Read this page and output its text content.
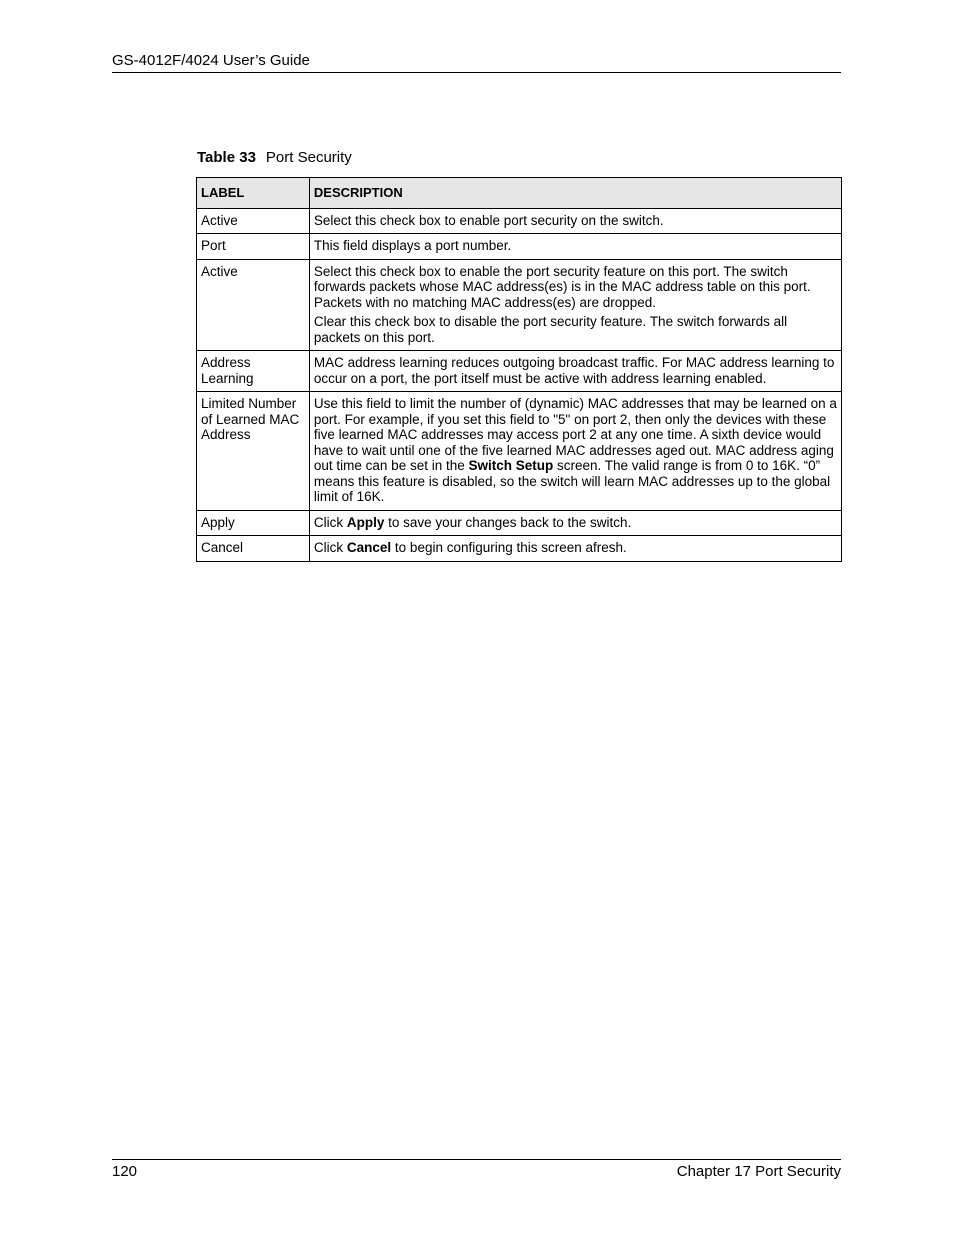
GS-4012F/4024 User’s Guide
Table 33 Port Security
LABEL	DESCRIPTION
Active	Select this check box to enable port security on the switch.

Port	This field displays a port number.

Active	Select this check box to enable the port security feature on this port. The switch forwards packets whose MAC address(es) is in the MAC address table on this port. Packets with no matching MAC address(es) are dropped.

Clear this check box to disable the port security feature. The switch forwards all packets on this port.

Address Learning	MAC address learning reduces outgoing broadcast traffic. For MAC address learning to occur on a port, the port itself must be active with address learning enabled.

Limited Number of Learned MAC Address	Use this field to limit the number of (dynamic) MAC addresses that may be learned on a port. For example, if you set this field to "5" on port 2, then only the devices with these five learned MAC addresses may access port 2 at any one time. A sixth device would have to wait until one of the five learned MAC addresses aged out. MAC address aging out time can be set in the Switch Setup screen. The valid range is from 0 to 16K. “0” means this feature is disabled, so the switch will learn MAC addresses up to the global limit of 16K.

Apply	Click Apply to save your changes back to the switch.

Cancel	Click Cancel to begin configuring this screen afresh.

120	Chapter 17 Port Security
